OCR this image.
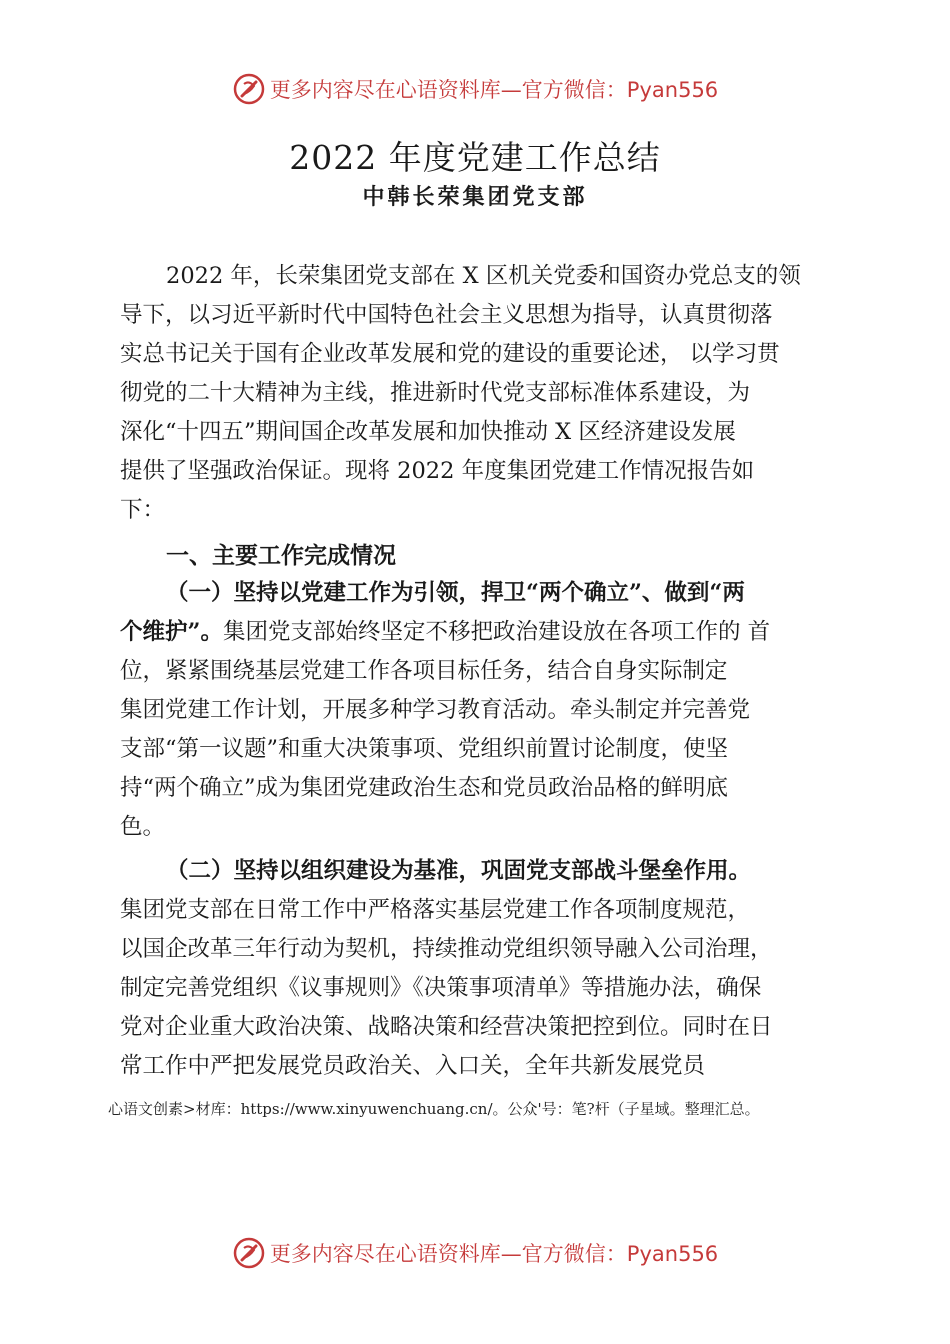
更多内容尽在心语资料库—官方微信：Pyan556
2022 年度党建工作总结
中韩长荣集团党支部
2022 年，长荣集团党支部在 X 区机关党委和国资办党总支的领
导下，以习近平新时代中国特色社会主义思想为指导，认真贯彻落
实总书记关于国有企业改革发展和党的建设的重要论述， 以学习贯
彻党的二十大精神为主线，推进新时代党支部标准体系建设，为
深化“十四五”期间国企改革发展和加快推动 X 区经济建设发展
提供了坚强政治保证。现将 2022 年度集团党建工作情况报告如
下：
一、主要工作完成情况
（一）坚持以党建工作为引领，捍卫“两个确立”、做到“两
个维护”。集团党支部始终坚定不移把政治建设放在各项工作的 首
位，紧紧围绕基层党建工作各项目标任务，结合自身实际制定
集团党建工作计划，开展多种学习教育活动。牵头制定并完善党
支部“第一议题”和重大决策事项、党组织前置讨论制度，使坚
持“两个确立”成为集团党建政治生态和党员政治品格的鲜明底
色。
（二）坚持以组织建设为基准，巩固党支部战斗堡垒作用。
集团党支部在日常工作中严格落实基层党建工作各项制度规范，
以国企改革三年行动为契机，持续推动党组织领导融入公司治理，
制定完善党组织《议事规则》《决策事项清单》等措施办法，确保
党对企业重大政治决策、战略决策和经营决策把控到位。同时在日
常工作中严把发展党员政治关、入口关，全年共新发展党员
心语文创素>材库：https://www.xinyuwenchuang.cn/。公众'号：笔?杆（子星域。整理汇总。
更多内容尽在心语资料库—官方微信：Pyan556
